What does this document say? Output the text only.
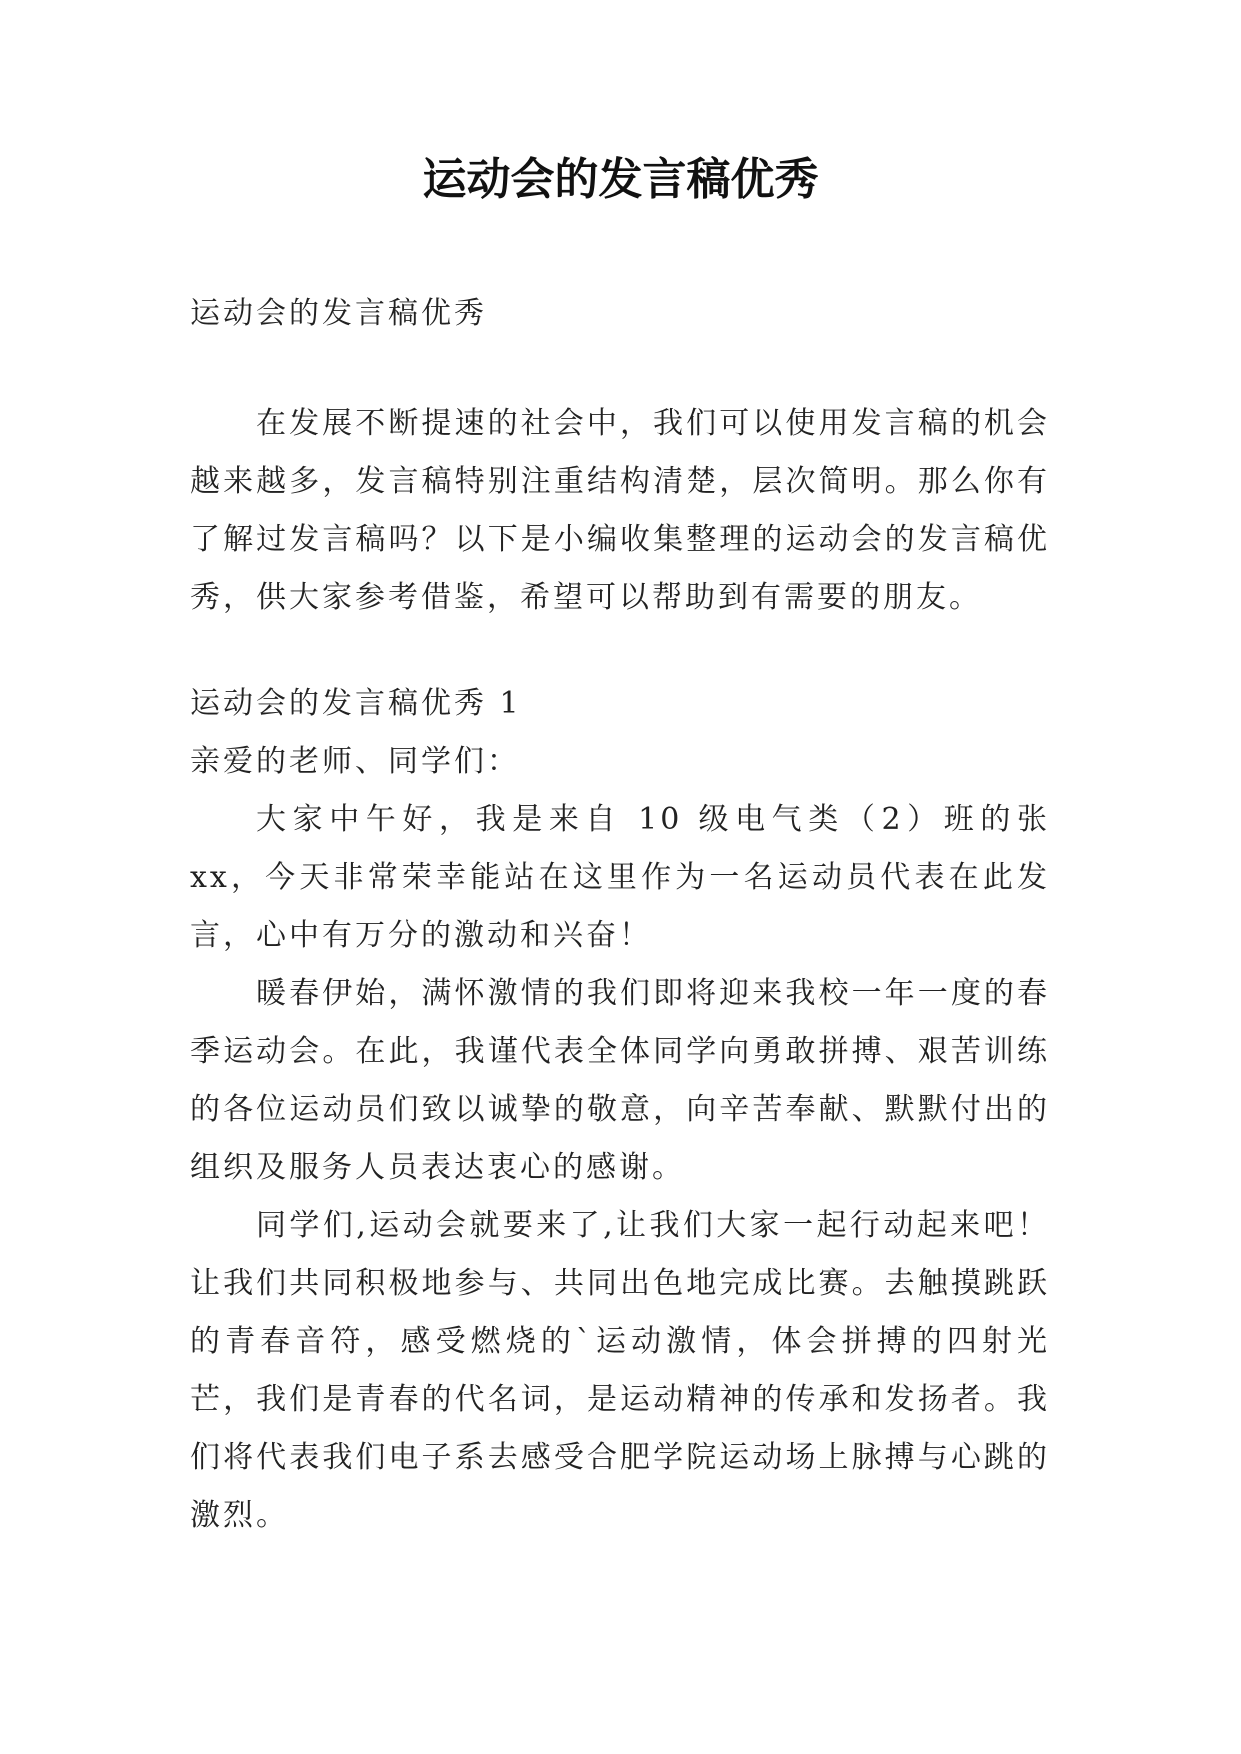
运动会的发言稿优秀

运动会的发言稿优秀

在发展不断提速的社会中，我们可以使用发言稿的机会越来越多，发言稿特别注重结构清楚，层次简明。那么你有了解过发言稿吗？以下是小编收集整理的运动会的发言稿优秀，供大家参考借鉴，希望可以帮助到有需要的朋友。

运动会的发言稿优秀 1

亲爱的老师、同学们：

大家中午好，我是来自 10 级电气类（2）班的张 xx，今天非常荣幸能站在这里作为一名运动员代表在此发言，心中有万分的激动和兴奋！

暖春伊始，满怀激情的我们即将迎来我校一年一度的春季运动会。在此，我谨代表全体同学向勇敢拼搏、艰苦训练的各位运动员们致以诚挚的敬意，向辛苦奉献、默默付出的组织及服务人员表达衷心的感谢。

同学们,运动会就要来了,让我们大家一起行动起来吧！让我们共同积极地参与、共同出色地完成比赛。去触摸跳跃的青春音符，感受燃烧的`运动激情，体会拼搏的四射光芒，我们是青春的代名词，是运动精神的传承和发扬者。我们将代表我们电子系去感受合肥学院运动场上脉搏与心跳的激烈。
